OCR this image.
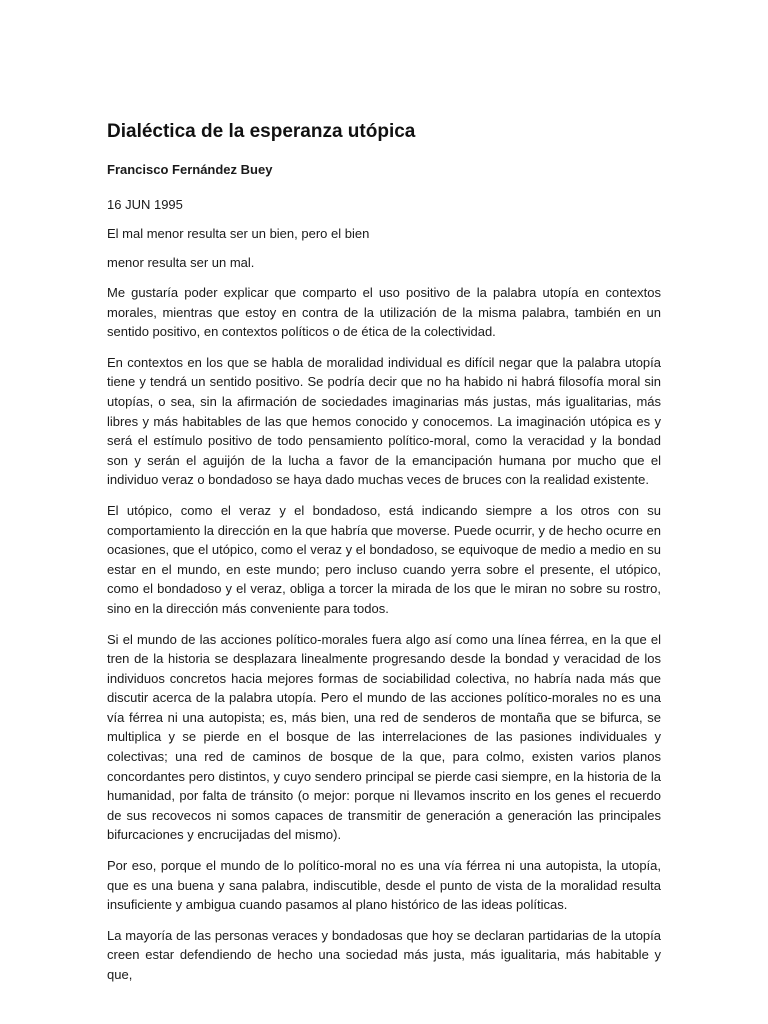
Dialéctica de la esperanza utópica

Francisco Fernández Buey

16 JUN 1995

El mal menor resulta ser un bien, pero el bien

menor resulta ser un mal.

Me gustaría poder explicar que comparto el uso positivo de la palabra utopía en contextos morales, mientras que estoy en contra de la utilización de la misma palabra, también en un sentido positivo, en contextos políticos o de ética de la colectividad.

En contextos en los que se habla de moralidad individual es difícil negar que la palabra utopía tiene y tendrá un sentido positivo. Se podría decir que no ha habido ni habrá filosofía moral sin utopías, o sea, sin la afirmación de sociedades imaginarias más justas, más igualitarias, más libres y más habitables de las que hemos conocido y conocemos. La imaginación utópica es y será el estímulo positivo de todo pensamiento político-moral, como la veracidad y la bondad son y serán el aguijón de la lucha a favor de la emancipación humana por mucho que el individuo veraz o bondadoso se haya dado muchas veces de bruces con la realidad existente.

El utópico, como el veraz y el bondadoso, está indicando siempre a los otros con su comportamiento la dirección en la que habría que moverse. Puede ocurrir, y de hecho ocurre en ocasiones, que el utópico, como el veraz y el bondadoso, se equivoque de medio a medio en su estar en el mundo, en este mundo; pero incluso cuando yerra sobre el presente, el utópico, como el bondadoso y el veraz, obliga a torcer la mirada de los que le miran no sobre su rostro, sino en la dirección más conveniente para todos.

Si el mundo de las acciones político-morales fuera algo así como una línea férrea, en la que el tren de la historia se desplazara linealmente progresando desde la bondad y veracidad de los individuos concretos hacia mejores formas de sociabilidad colectiva, no habría nada más que discutir acerca de la palabra utopía. Pero el mundo de las acciones político-morales no es una vía férrea ni una autopista; es, más bien, una red de senderos de montaña que se bifurca, se multiplica y se pierde en el bosque de las interrelaciones de las pasiones individuales y colectivas; una red de caminos de bosque de la que, para colmo, existen varios planos concordantes pero distintos, y cuyo sendero principal se pierde casi siempre, en la historia de la humanidad, por falta de tránsito (o mejor: porque ni llevamos inscrito en los genes el recuerdo de sus recovecos ni somos capaces de transmitir de generación a generación las principales bifurcaciones y encrucijadas del mismo).

Por eso, porque el mundo de lo político-moral no es una vía férrea ni una autopista, la utopía, que es una buena y sana palabra, indiscutible, desde el punto de vista de la moralidad resulta insuficiente y ambigua cuando pasamos al plano histórico de las ideas políticas.

La mayoría de las personas veraces y bondadosas que hoy se declaran partidarias de la utopía creen estar defendiendo de hecho una sociedad más justa, más igualitaria, más habitable y que,
